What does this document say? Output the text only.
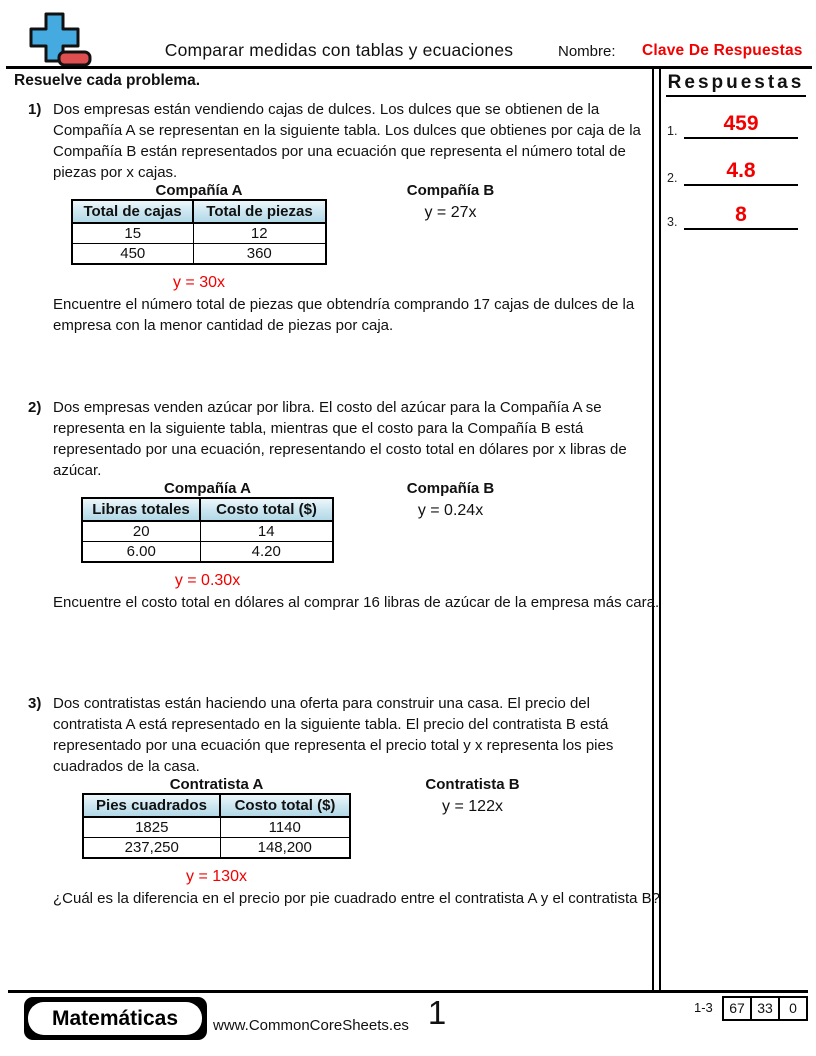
Comparar medidas con tablas y ecuaciones	Nombre: Clave De Respuestas
Resuelve cada problema.	Respuestas
1.	459
2.	4.8
3.	8
1) Dos empresas están vendiendo cajas de dulces. Los dulces que se obtienen de la Compañía A se representan en la siguiente tabla. Los dulces que obtienes por caja de la Compañía B están representados por una ecuación que representa el número total de piezas por x cajas.
Compañía A
Total de cajas	Total de piezas
15	12
450	360
y = 30x
Compañía B
y = 27x
Encuentre el número total de piezas que obtendría comprando 17 cajas de dulces de la empresa con la menor cantidad de piezas por caja.
2) Dos empresas venden azúcar por libra. El costo del azúcar para la Compañía A se representa en la siguiente tabla, mientras que el costo para la Compañía B está representado por una ecuación, representando el costo total en dólares por x libras de azúcar.
Compañía A
Libras totales	Costo total ($)
20	14
6.00	4.20
y = 0.30x
Compañía B
y = 0.24x
Encuentre el costo total en dólares al comprar 16 libras de azúcar de la empresa más cara.
3) Dos contratistas están haciendo una oferta para construir una casa. El precio del contratista A está representado en la siguiente tabla. El precio del contratista B está representado por una ecuación que representa el precio total y x representa los pies cuadrados de la casa.
Contratista A
Pies cuadrados	Costo total ($)
1825	1140
237,250	148,200
y = 130x
Contratista B
y = 122x
¿Cuál es la diferencia en el precio por pie cuadrado entre el contratista A y el contratista B?
Matemáticas	www.CommonCoreSheets.es 1	1-3	67 33	0
